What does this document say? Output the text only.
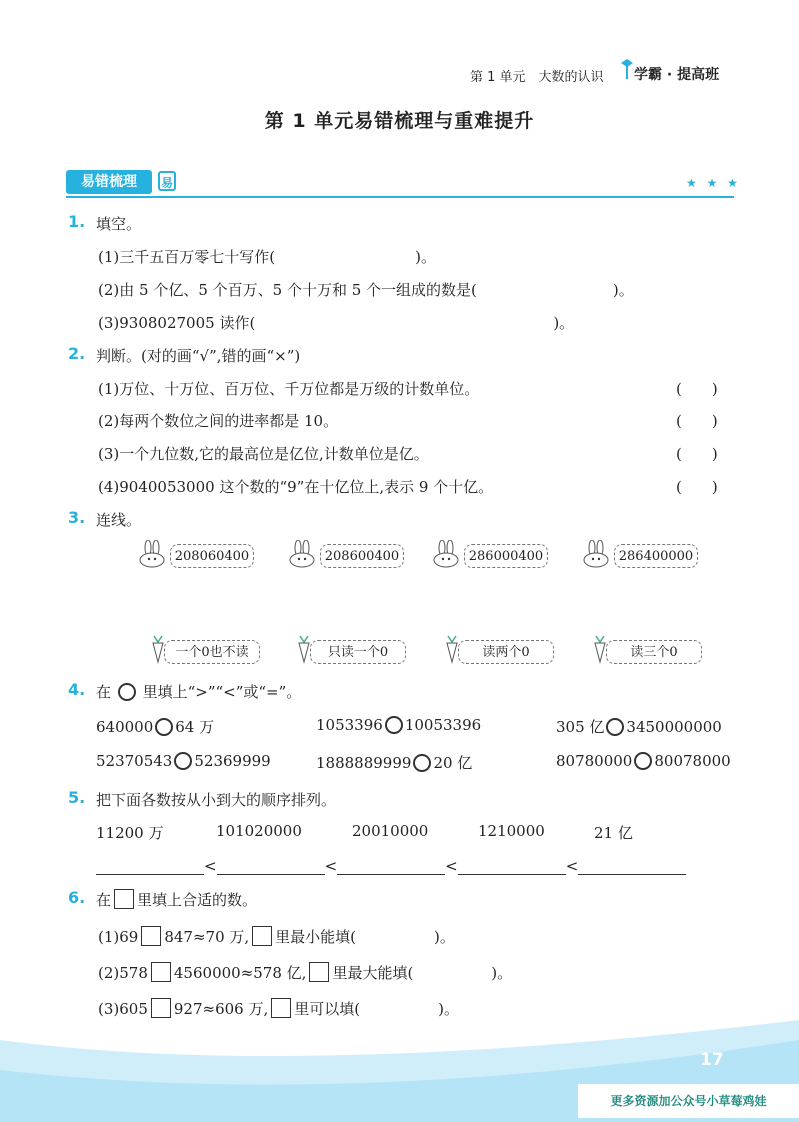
第 1 单元　大数的认识 学霸 · 提高班
第 1 单元易错梳理与重难提升
易错梳理	易	★ ★ ★
1. 填空。
(1)三千五百万零七十写作(	)。
(2)由 5 个亿、5 个百万、5 个十万和 5 个一组成的数是(	)。
(3)9308027005 读作(	)。
2. 判断。(对的画“√”,错的画“×”)
(1)万位、十万位、百万位、千万位都是万级的计数单位。	(　　)
(2)每两个数位之间的进率都是 10。	(　　)
(3)一个九位数,它的最高位是亿位,计数单位是亿。	(　　)
(4)9040053000 这个数的“9”在十亿位上,表示 9 个十亿。	(　　)
3. 连线。
208060400	208600400	286000400	286400000
一个0也不读	只读一个0	读两个0	读三个0
4. 在 里填上“>”“<”或“=”。
640000 64 万	1053396 10053396	305 亿 3450000000
52370543 52369999	1888889999 20 亿	80780000 80078000
5. 把下面各数按从小到大的顺序排列。
11200 万	101020000	20010000	1210000	21 亿
<	<	<	<
6. 在 里填上合适的数。
(1)69 847≈70 万, 里最小能填(	)。
(2)578 4560000≈578 亿, 里最大能填(	)。
(3)605 927≈606 万, 里可以填(	)。
17
更多资源加公众号小草莓鸡娃
